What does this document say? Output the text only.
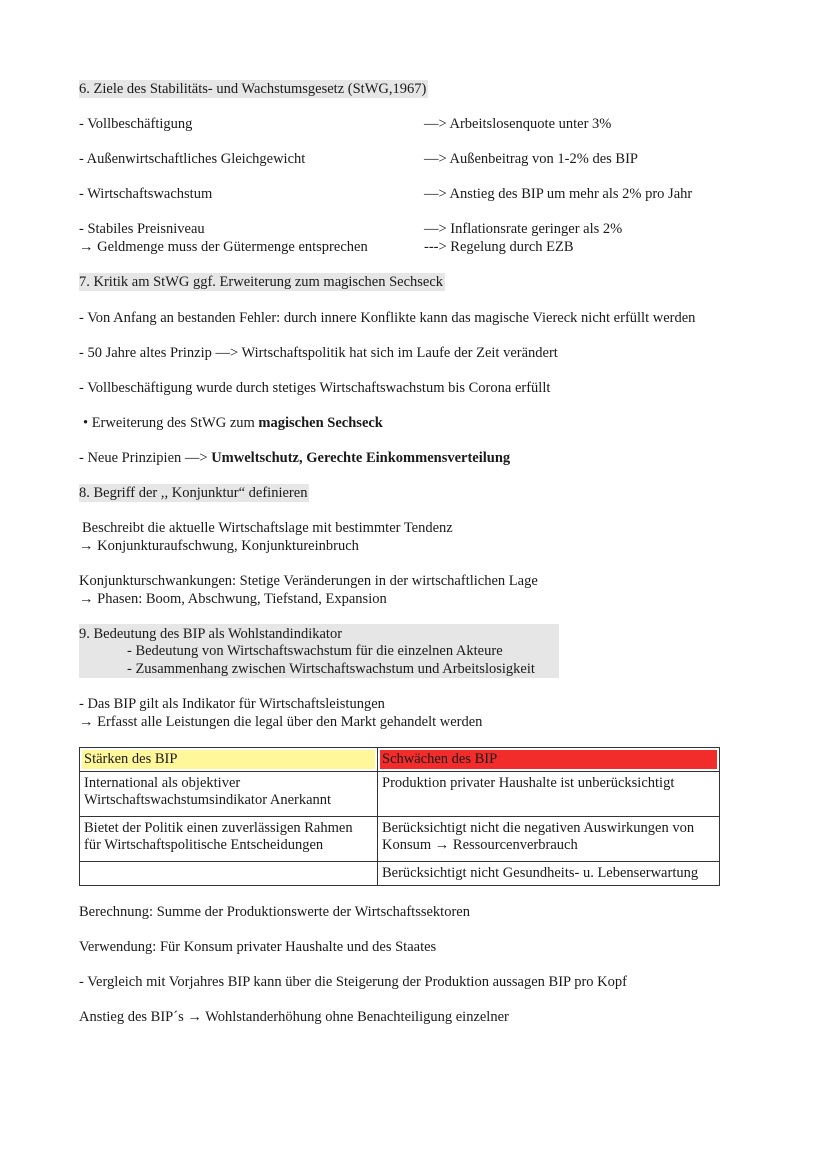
6. Ziele des Stabilitäts- und Wachstumsgesetz (StWG,1967)
- Vollbeschäftigung	—> Arbeitslosenquote unter 3%
- Außenwirtschaftliches Gleichgewicht	—> Außenbeitrag von 1-2% des BIP
- Wirtschaftswachstum	—> Anstieg des BIP um mehr als 2% pro Jahr
- Stabiles Preisniveau	—> Inflationsrate geringer als 2%
→ Geldmenge muss der Gütermenge entsprechen	---> Regelung durch EZB
7. Kritik am StWG ggf. Erweiterung zum magischen Sechseck
- Von Anfang an bestanden Fehler: durch innere Konflikte kann das magische Viereck nicht erfüllt werden
- 50 Jahre altes Prinzip —> Wirtschaftspolitik hat sich im Laufe der Zeit verändert
- Vollbeschäftigung wurde durch stetiges Wirtschaftswachstum bis Corona erfüllt
• Erweiterung des StWG zum magischen Sechseck
- Neue Prinzipien —> Umweltschutz, Gerechte Einkommensverteilung
8. Begriff der ,, Konjunktur“ definieren
Beschreibt die aktuelle Wirtschaftslage mit bestimmter Tendenz
→ Konjunkturaufschwung, Konjunktureinbruch
Konjunkturschwankungen: Stetige Veränderungen in der wirtschaftlichen Lage
→ Phasen: Boom, Abschwung, Tiefstand, Expansion
9. Bedeutung des BIP als Wohlstandindikator
- Bedeutung von Wirtschaftswachstum für die einzelnen Akteure
- Zusammenhang zwischen Wirtschaftswachstum und Arbeitslosigkeit
- Das BIP gilt als Indikator für Wirtschaftsleistungen
→ Erfasst alle Leistungen die legal über den Markt gehandelt werden
Stärken des BIP	Schwächen des BIP

International als objektiver Wirtschaftswachstumsindikator Anerkannt	Produktion privater Haushalte ist unberücksichtigt
Bietet der Politik einen zuverlässigen Rahmen für Wirtschaftspolitische Entscheidungen	Berücksichtigt nicht die negativen Auswirkungen von Konsum → Ressourcenverbrauch
	Berücksichtigt nicht Gesundheits- u. Lebenserwartung
Berechnung: Summe der Produktionswerte der Wirtschaftssektoren
Verwendung: Für Konsum privater Haushalte und des Staates
- Vergleich mit Vorjahres BIP kann über die Steigerung der Produktion aussagen BIP pro Kopf
Anstieg des BIP´s → Wohlstanderhöhung ohne Benachteiligung einzelner
